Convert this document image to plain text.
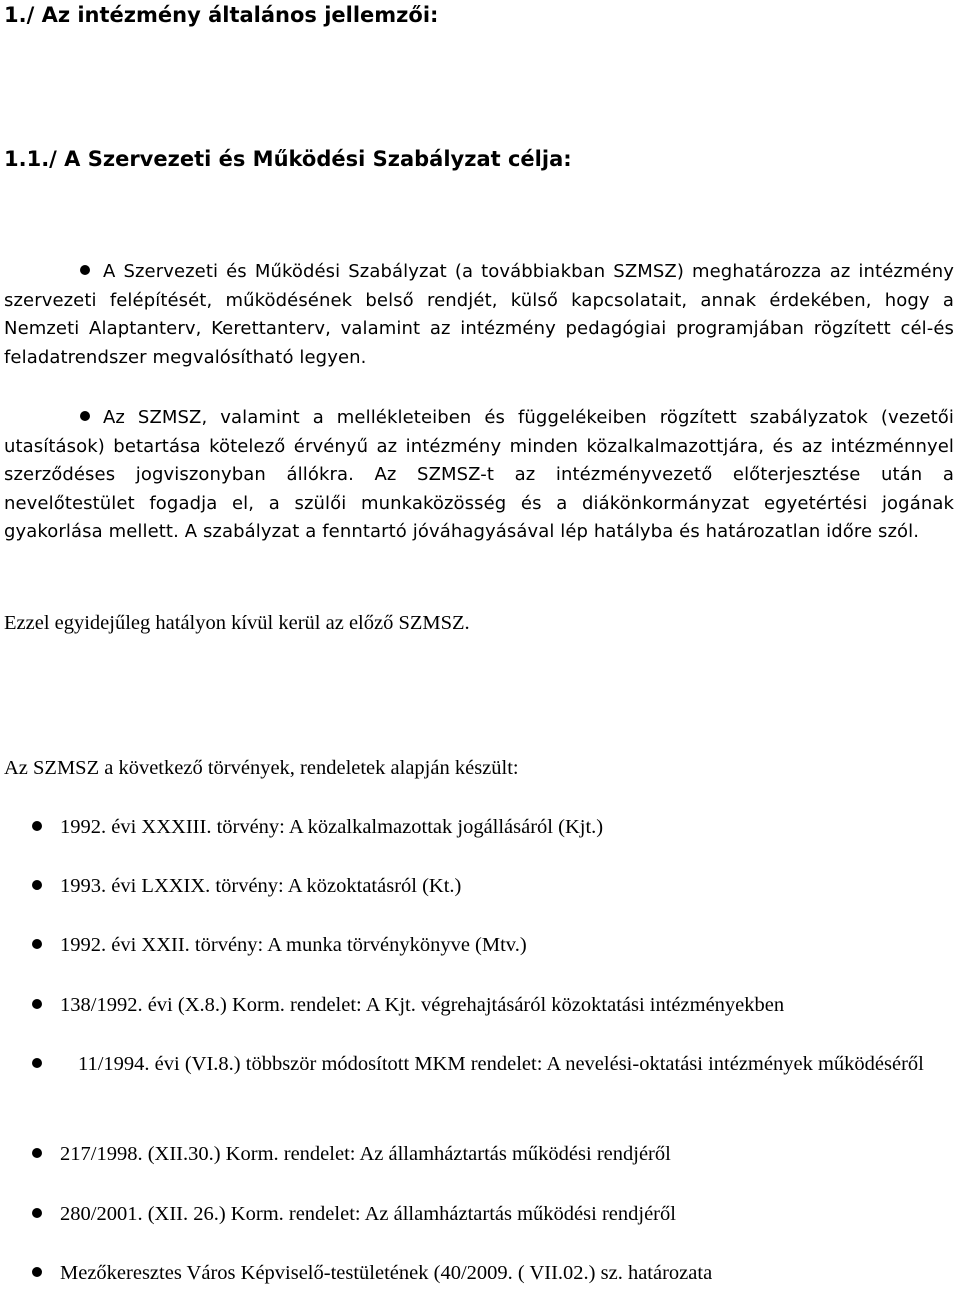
1./ Az intézmény általános jellemzői:
1.1./ A Szervezeti és Működési Szabályzat célja:

A Szervezeti és Működési Szabályzat (a továbbiakban SZMSZ) meghatározza az intézmény szervezeti felépítését, működésének belső rendjét, külső kapcsolatait, annak érdekében, hogy a Nemzeti Alaptanterv, Kerettanterv, valamint az intézmény pedagógiai programjában rögzített cél-és feladatrendszer megvalósítható legyen.

Az SZMSZ, valamint a mellékleteiben és függelékeiben rögzített szabályzatok (vezetői utasítások) betartása kötelező érvényű az intézmény minden közalkalmazottjára, és az intézménnyel szerződéses jogviszonyban állókra. Az SZMSZ-t az intézményvezető előterjesztése után a nevelőtestület fogadja el, a szülői munkaközösség és a diákönkormányzat egyetértési jogának gyakorlása mellett. A szabályzat a fenntartó jóváhagyásával lép hatályba és határozatlan időre szól.

Ezzel egyidejűleg hatályon kívül kerül az előző SZMSZ.
Az SZMSZ a következő törvények, rendeletek alapján készült:
1992. évi XXXIII. törvény: A közalkalmazottak jogállásáról (Kjt.)
1993. évi LXXIX. törvény: A közoktatásról (Kt.)
1992. évi XXII. törvény: A munka törvénykönyve (Mtv.)
138/1992. évi (X.8.) Korm. rendelet: A Kjt. végrehajtásáról közoktatási intézményekben
11/1994. évi (VI.8.) többször módosított MKM rendelet: A nevelési-oktatási intézmények működéséről
217/1998. (XII.30.) Korm. rendelet: Az államháztartás működési rendjéről
280/2001. (XII. 26.) Korm. rendelet: Az államháztartás működési rendjéről
Mezőkeresztes Város Képviselő-testületének (40/2009. ( VII.02.) sz. határozata
